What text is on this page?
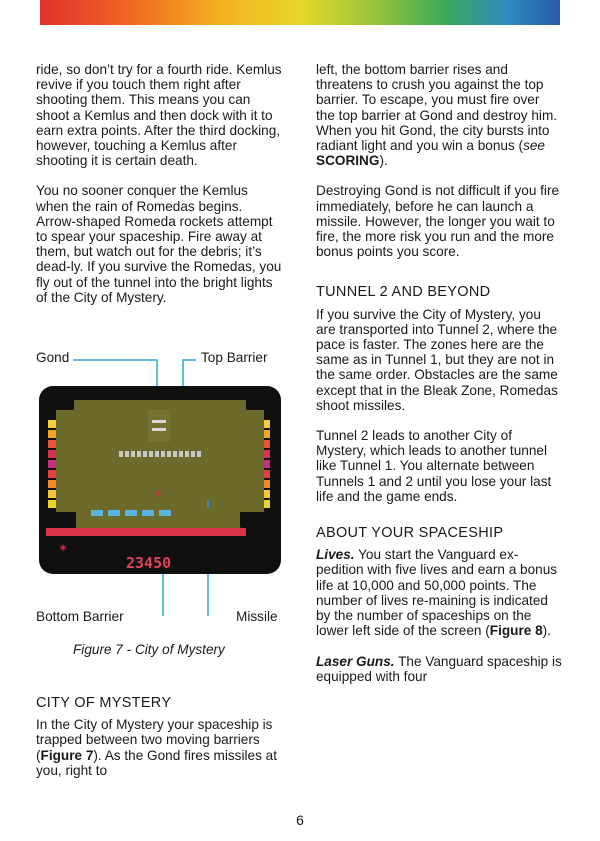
ride, so don’t try for a fourth ride. Kemlus revive if you touch them right after shooting them. This means you can shoot a Kemlus and then dock with it to earn extra points. After the third docking, however, touching a Kemlus after shooting it is certain death.

You no sooner conquer the Kemlus when the rain of Romedas begins. Arrow-shaped Romeda rockets attempt to spear your spaceship. Fire away at them, but watch out for the debris; it’s dead-ly. If you survive the Romedas, you fly out of the tunnel into the bright lights of the City of Mystery.

Gond	Top Barrier
✶
✶
23450
Bottom Barrier	Missile
Figure 7 - City of Mystery
CITY OF MYSTERY

In the City of Mystery your spaceship is trapped between two moving barriers (Figure 7). As the Gond fires missiles at you, right to

left, the bottom barrier rises and threatens to crush you against the top barrier. To escape, you must fire over the top barrier at Gond and destroy him. When you hit Gond, the city bursts into radiant light and you win a bonus (see SCORING).

Destroying Gond is not difficult if you fire immediately, before he can launch a missile. However, the longer you wait to fire, the more risk you run and the more bonus points you score.

TUNNEL 2 AND BEYOND

If you survive the City of Mystery, you are transported into Tunnel 2, where the pace is faster. The zones here are the same as in Tunnel 1, but they are not in the same order. Obstacles are the same except that in the Bleak Zone, Romedas shoot missiles.

Tunnel 2 leads to another City of Mystery, which leads to another tunnel like Tunnel 1. You alternate between Tunnels 1 and 2 until you lose your last life and the game ends.

ABOUT YOUR SPACESHIP

Lives. You start the Vanguard ex-pedition with five lives and earn a bonus life at 10,000 and 50,000 points. The number of lives re-maining is indicated by the number of spaceships on the lower left side of the screen (Figure 8).

Laser Guns. The Vanguard spaceship is equipped with four

6
